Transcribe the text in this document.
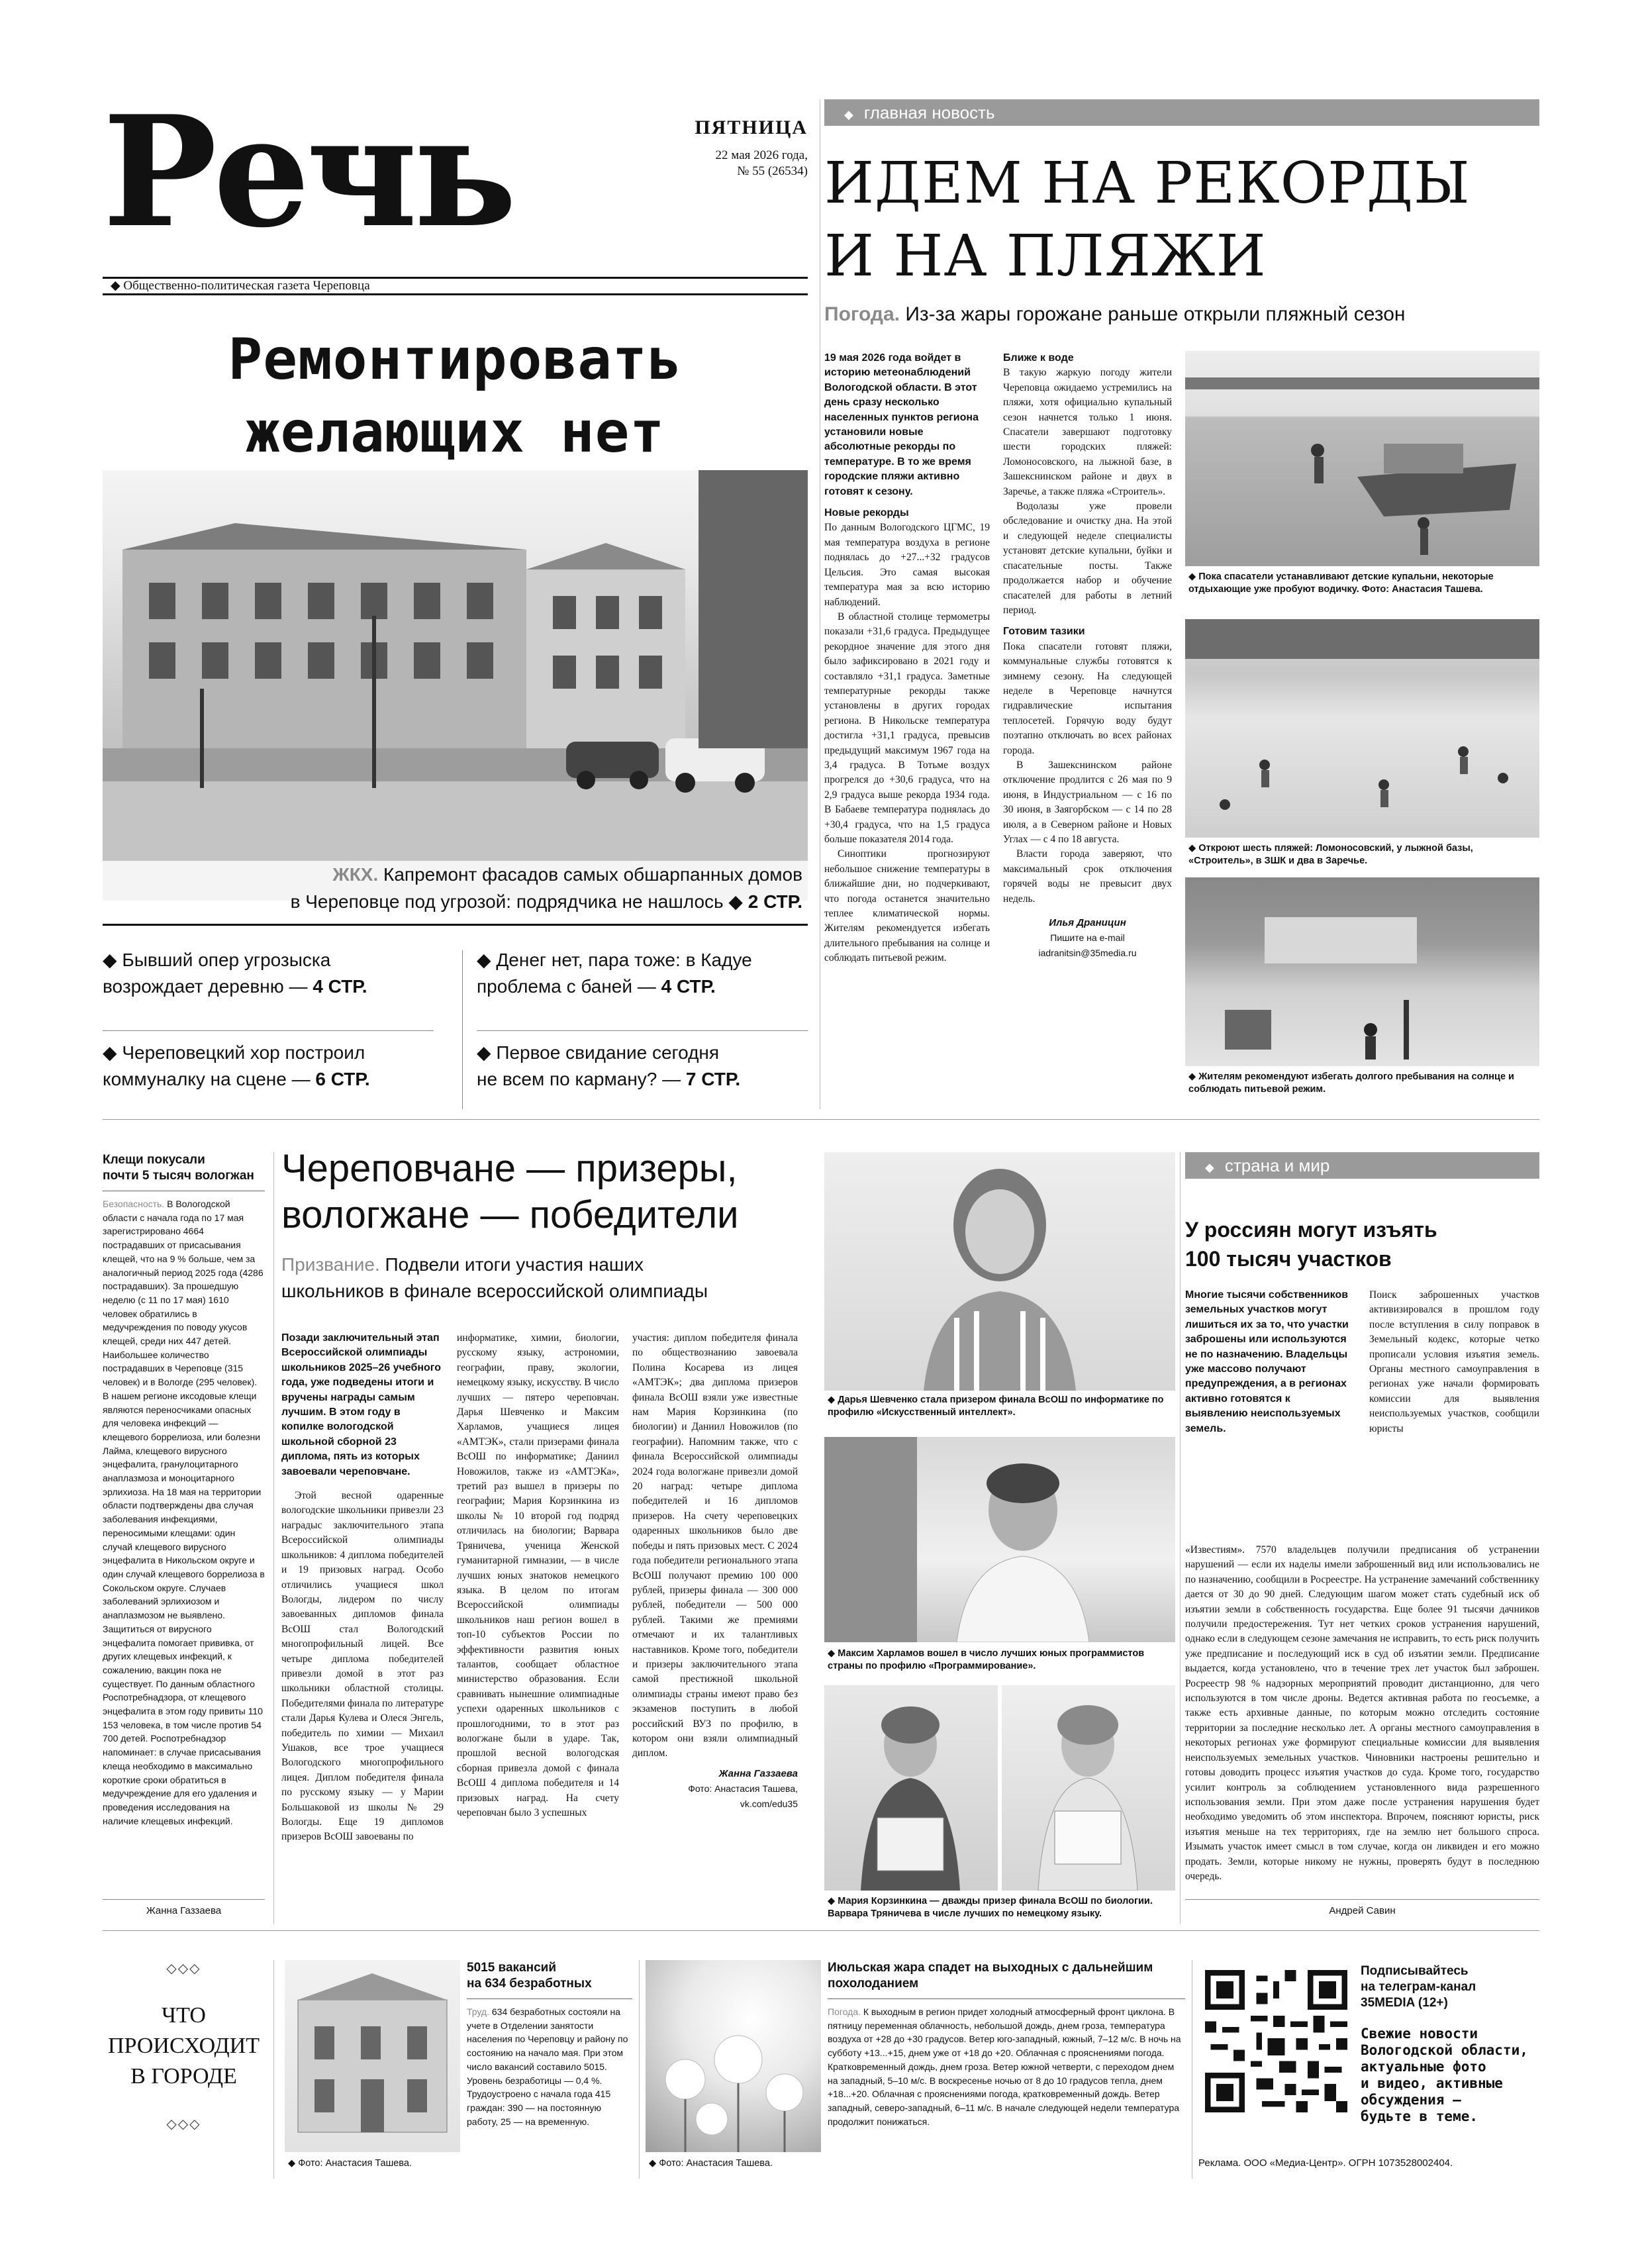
Речь	ПЯТНИЦА
22 мая 2026 года,
№ 55 (26534)
◆ Общественно-политическая газета Череповца
Ремонтировать
желающих нет
ЖКХ. Капремонт фасадов самых обшарпанных домов
в Череповце под угрозой: подрядчика не нашлось ◆ 2 СТР.
◆ Бывший опер угрозыска
возрождает деревню — 4 СТР.
◆ Денег нет, пара тоже: в Кадуе
проблема с баней — 4 СТР.
◆ Череповецкий хор построил
коммуналку на сцене — 6 СТР.
◆ Первое свидание сегодня
не всем по карману? — 7 СТР.
◆ главная новость
ИДЕМ НА РЕКОРДЫ
И НА ПЛЯЖИ
Погода. Из-за жары горожане раньше открыли пляжный сезон

19 мая 2026 года войдет в историю метеонаблюдений Вологодской области. В этот день сразу несколько населенных пунктов региона установили новые абсолютные рекорды по температуре. В то же время городские пляжи активно готовят к сезону.

Новые рекорды

По данным Вологодского ЦГМС, 19 мая температура воздуха в регионе поднялась до +27...+32 градусов Цельсия. Это самая высокая температура мая за всю историю наблюдений.

В областной столице термометры показали +31,6 градуса. Предыдущее рекордное значение для этого дня было зафиксировано в 2021 году и составляло +31,1 градуса. Заметные температурные рекорды также установлены в других городах региона. В Никольске температура достигла +31,1 градуса, превысив предыдущий максимум 1967 года на 3,4 градуса. В Тотьме воздух прогрелся до +30,6 градуса, что на 2,9 градуса выше рекорда 1934 года. В Бабаеве температура поднялась до +30,4 градуса, что на 1,5 градуса больше показателя 2014 года.

Синоптики прогнозируют небольшое снижение температуры в ближайшие дни, но подчеркивают, что погода останется значительно теплее климатической нормы. Жителям рекомендуется избегать длительного пребывания на солнце и соблюдать питьевой режим.

Ближе к воде

В такую жаркую погоду жители Череповца ожидаемо устремились на пляжи, хотя официально купальный сезон начнется только 1 июня. Спасатели завершают подготовку шести городских пляжей: Ломоносовского, на лыжной базе, в Зашекснинском районе и двух в Заречье, а также пляжа «Строитель».

Водолазы уже провели обследование и очистку дна. На этой и следующей неделе специалисты установят детские купальни, буйки и спасательные посты. Также продолжается набор и обучение спасателей для работы в летний период.

Готовим тазики

Пока спасатели готовят пляжи, коммунальные службы готовятся к зимнему сезону. На следующей неделе в Череповце начнутся гидравлические испытания теплосетей. Горячую воду будут поэтапно отключать во всех районах города.

В Зашекснинском районе отключение продлится с 26 мая по 9 июня, в Индустриальном — с 16 по 30 июня, в Заягорбском — с 14 по 28 июля, а в Северном районе и Новых Углах — с 4 по 18 августа.

Власти города заверяют, что максимальный срок отключения горячей воды не превысит двух недель.

Илья Драницин
Пишите на e-mail
iadranitsin@35media.ru
◆ Пока спасатели устанавливают детские купальни, некоторые отдыхающие уже пробуют водичку. Фото: Анастасия Ташева.
◆ Откроют шесть пляжей: Ломоносовский, у лыжной базы, «Строитель», в ЗШК и два в Заречье.
◆ Жителям рекомендуют избегать долгого пребывания на солнце и соблюдать питьевой режим.
Клещи покусали
почти 5 тысяч вологжан
Безопасность. В Вологодской области с начала года по 17 мая зарегистрировано 4664 пострадавших от присасывания клещей, что на 9 % больше, чем за аналогичный период 2025 года (4286 пострадавших). За прошедшую неделю (с 11 по 17 мая) 1610 человек обратились в медучреждения по поводу укусов клещей, среди них 447 детей. Наибольшее количество пострадавших в Череповце (315 человек) и в Вологде (295 человек). В нашем регионе иксодовые клещи являются переносчиками опасных для человека инфекций — клещевого боррелиоза, или болезни Лайма, клещевого вирусного энцефалита, гранулоцитарного анаплазмоза и моноцитарного эрлихиоза. На 18 мая на территории области подтверждены два случая заболевания инфекциями, переносимыми клещами: один случай клещевого вирусного энцефалита в Никольском округе и один случай клещевого боррелиоза в Сокольском округе. Случаев заболеваний эрлихиозом и анаплазмозом не выявлено. Защититься от вирусного энцефалита помогает прививка, от других клещевых инфекций, к сожалению, вакцин пока не существует. По данным областного Роспотребнадзора, от клещевого энцефалита в этом году привиты 110 153 человека, в том числе против 54 700 детей. Роспотребнадзор напоминает: в случае присасывания клеща необходимо в максимально короткие сроки обратиться в медучреждение для его удаления и проведения исследования на наличие клещевых инфекций.
Жанна Газзаева
Череповчане — призеры,
вологжане — победители
Призвание. Подвели итоги участия наших
школьников в финале всероссийской олимпиады

Позади заключительный этап Всероссийской олимпиады школьников 2025–26 учебного года, уже подведены итоги и вручены награды самым лучшим. В этом году в копилке вологодской школьной сборной 23 диплома, пять из которых завоевали череповчане.

Этой весной одаренные вологодские школьники привезли 23 наградыс заключительного этапа Всероссийской олимпиады школьников: 4 диплома победителей и 19 призовых наград. Особо отличились учащиеся школ Вологды, лидером по числу завоеванных дипломов финала ВсОШ стал Вологодский многопрофильный лицей. Все четыре диплома победителей привезли домой в этот раз школьники областной столицы. Победителями финала по литературе стали Дарья Кулева и Олеся Энгель, победитель по химии — Михаил Ушаков, все трое учащиеся Вологодского многопрофильного лицея. Диплом победителя финала по русскому языку — у Марии Большаковой из школы № 29 Вологды. Еще 19 дипломов призеров ВсОШ завоеваны по

информатике, химии, биологии, русскому языку, астрономии, географии, праву, экологии, немецкому языку, искусству. В число лучших — пятеро череповчан. Дарья Шевченко и Максим Харламов, учащиеся лицея «АМТЭК», стали призерами финала ВсОШ по информатике; Даниил Новожилов, также из «АМТЭКа», третий раз вышел в призеры по географии; Мария Корзинкина из школы № 10 второй год подряд отличилась на биологии; Варвара Тряничева, ученица Женской гуманитарной гимназии, — в числе лучших юных знатоков немецкого языка. В целом по итогам Всероссийской олимпиады школьников наш регион вошел в топ-10 субъектов России по эффективности развития юных талантов, сообщает областное министерство образования. Если сравнивать нынешние олимпиадные успехи одаренных школьников с прошлогодними, то в этот раз вологжане были в ударе. Так, прошлой весной вологодская сборная привезла домой с финала ВсОШ 4 диплома победителя и 14 призовых наград. На счету череповчан было 3 успешных

участия: диплом победителя финала по обществознанию завоевала Полина Косарева из лицея «АМТЭК»; два диплома призеров финала ВсОШ взяли уже известные нам Мария Корзинкина (по биологии) и Даниил Новожилов (по географии). Напомним также, что с финала Всероссийской олимпиады 2024 года вологжане привезли домой 20 наград: четыре диплома победителей и 16 дипломов призеров. На счету череповецких одаренных школьников было две победы и пять призовых мест. С 2024 года победители регионального этапа ВсОШ получают премию 100 000 рублей, призеры финала — 300 000 рублей, победители — 500 000 рублей. Такими же премиями отмечают и их талантливых наставников. Кроме того, победители и призеры заключительного этапа самой престижной школьной олимпиады страны имеют право без экзаменов поступить в любой российский ВУЗ по профилю, в котором они взяли олимпиадный диплом.

Жанна Газзаева
Фото: Анастасия Ташева,
vk.com/edu35
◆ Дарья Шевченко стала призером финала ВсОШ по информатике по профилю «Искусственный интеллект».
◆ Максим Харламов вошел в число лучших юных программистов страны по профилю «Программирование».
◆ Мария Корзинкина — дважды призер финала ВсОШ по биологии. Варвара Тряничева в числе лучших по немецкому языку.
◆ страна и мир
У россиян могут изъять
100 тысяч участков

Многие тысячи собственников земельных участков могут лишиться их за то, что участки заброшены или используются не по назначению. Владельцы уже массово получают предупреждения, а в регионах активно готовятся к выявлению неиспользуемых земель.

Поиск заброшенных участков активизировался в прошлом году после вступления в силу поправок в Земельный кодекс, которые четко прописали условия изъятия земель. Органы местного самоуправления в регионах уже начали формировать комиссии для выявления неиспользуемых участков, сообщили юристы

«Известиям». 7570 владельцев получили предписания об устранении нарушений — если их наделы имели заброшенный вид или использовались не по назначению, сообщили в Росреестре. На устранение замечаний собственнику дается от 30 до 90 дней. Следующим шагом может стать судебный иск об изъятии земли в собственность государства. Еще более 91 тысячи дачников получили предостережения. Тут нет четких сроков устранения нарушений, однако если в следующем сезоне замечания не исправить, то есть риск получить уже предписание и последующий иск в суд об изъятии земли. Предписание выдается, когда установлено, что в течение трех лет участок был заброшен. Росреестр 98 % надзорных мероприятий проводит дистанционно, для чего используются в том числе дроны. Ведется активная работа по геосъемке, а также есть архивные данные, по которым можно отследить состояние территории за последние несколько лет. А органы местного самоуправления в некоторых регионах уже формируют специальные комиссии для выявления неиспользуемых земельных участков. Чиновники настроены решительно и готовы доводить процесс изъятия участков до суда. Кроме того, государство усилит контроль за соблюдением установленного вида разрешенного использования земли. При этом даже после устранения нарушения будет необходимо уведомить об этом инспектора. Впрочем, поясняют юристы, риск изъятия меньше на тех территориях, где на землю нет большого спроса. Изымать участок имеет смысл в том случае, когда он ликвиден и его можно продать. Земли, которые никому не нужны, проверять будут в последнюю очередь.

Андрей Савин
◇◇◇
ЧТО
ПРОИСХОДИТ
В ГОРОДЕ
◇◇◇
◆ Фото: Анастасия Ташева.
5015 вакансий
на 634 безработных
Труд. 634 безработных состояли на учете в Отделении занятости населения по Череповцу и району по состоянию на начало мая. При этом число вакансий составило 5015. Уровень безработицы — 0,4 %. Трудоустроено с начала года 415 граждан: 390 — на постоянную работу, 25 — на временную.
◆ Фото: Анастасия Ташева.
Июльская жара спадет на выходных с дальнейшим
похолоданием
Погода. К выходным в регион придет холодный атмосферный фронт циклона. В пятницу переменная облачность, небольшой дождь, днем гроза, температура воздуха от +28 до +30 градусов. Ветер юго-западный, южный, 7–12 м/с. В ночь на субботу +13...+15, днем уже от +18 до +20. Облачная с прояснениями погода. Кратковременный дождь, днем гроза. Ветер южной четверти, с переходом днем на западный, 5–10 м/с. В воскресенье ночью от 8 до 10 градусов тепла, днем +18...+20. Облачная с прояснениями погода, кратковременный дождь. Ветер западный, северо-западный, 6–11 м/с. В начале следующей недели температура продолжит понижаться.
Подписывайтесь
на телеграм-канал
35MEDIA (12+)
Свежие новости
Вологодской области,
актуальные фото
и видео, активные
обсуждения —
будьте в теме.
Реклама. ООО «Медиа-Центр». ОГРН 1073528002404.
